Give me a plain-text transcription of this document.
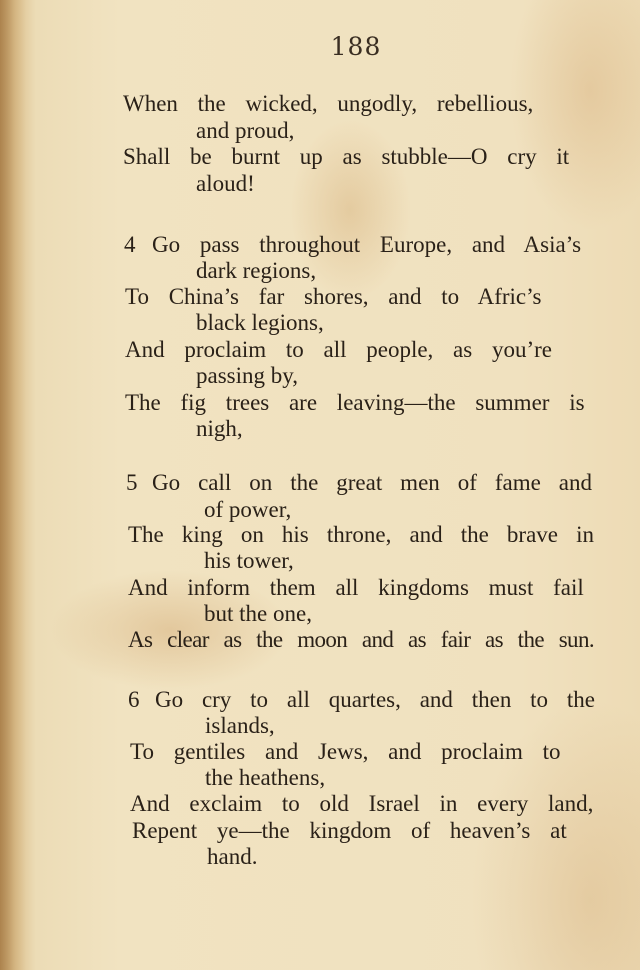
188
When the wicked, ungodly, rebellious,
and proud,
Shall be burnt up as stubble—O cry it
aloud!
4 Go pass throughout Europe, and Asia’s
dark regions,
To China’s far shores, and to Afric’s
black legions,
And proclaim to all people, as you’re
passing by,
The fig trees are leaving—the summer is
nigh,
5 Go call on the great men of fame and
of power,
The king on his throne, and the brave in
his tower,
And inform them all kingdoms must fail
but the one,
As clear as the moon and as fair as the sun.
6 Go cry to all quartes, and then to the
islands,
To gentiles and Jews, and proclaim to
the heathens,
And exclaim to old Israel in every land,
Repent ye—the kingdom of heaven’s at
hand.
